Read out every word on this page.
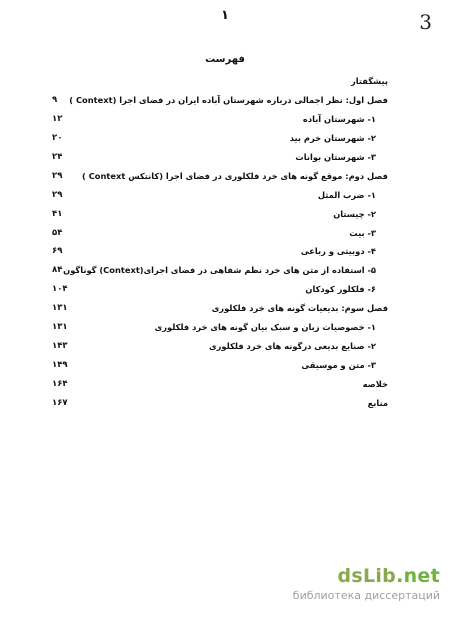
۱	3
فهرست
پیشگفتار
فصل اول: نظر اجمالی درباره شهرستان آباده ایران در فضای اجرا (Context )
۹
۱- شهرستان آباده
۱۲
۲- شهرستان خرم بید
۲۰
۳- شهرستان بوانات
۲۴
فصل دوم: موقع گونه های خرد فلکلوری در فضای اجرا (کانتکس Context )
۲۹
۱- ضرب المثل
۲۹
۲- چیستان
۴۱
۳- بیت
۵۴
۴- دوبیتی و رباعی
۶۹
۵- استفاده از متن های خرد نظم شفاهی در فضای اجرای(Context) گوناگون
۸۴
۶- فلکلور کودکان
۱۰۴
فصل سوم: بدیعیات گونه های خرد فلکلوری
۱۳۱
۱- خصوصیات زبان و سبک بیان گونه های خرد فلکلوری
۱۳۱
۲- صنایع بدیعی درگونه های خرد فلکلوری
۱۴۳
۳- متن و موسیقی
۱۴۹
خلاصه
۱۶۴
منابع
۱۶۷
dsLib.net
библиотека диссертаций
